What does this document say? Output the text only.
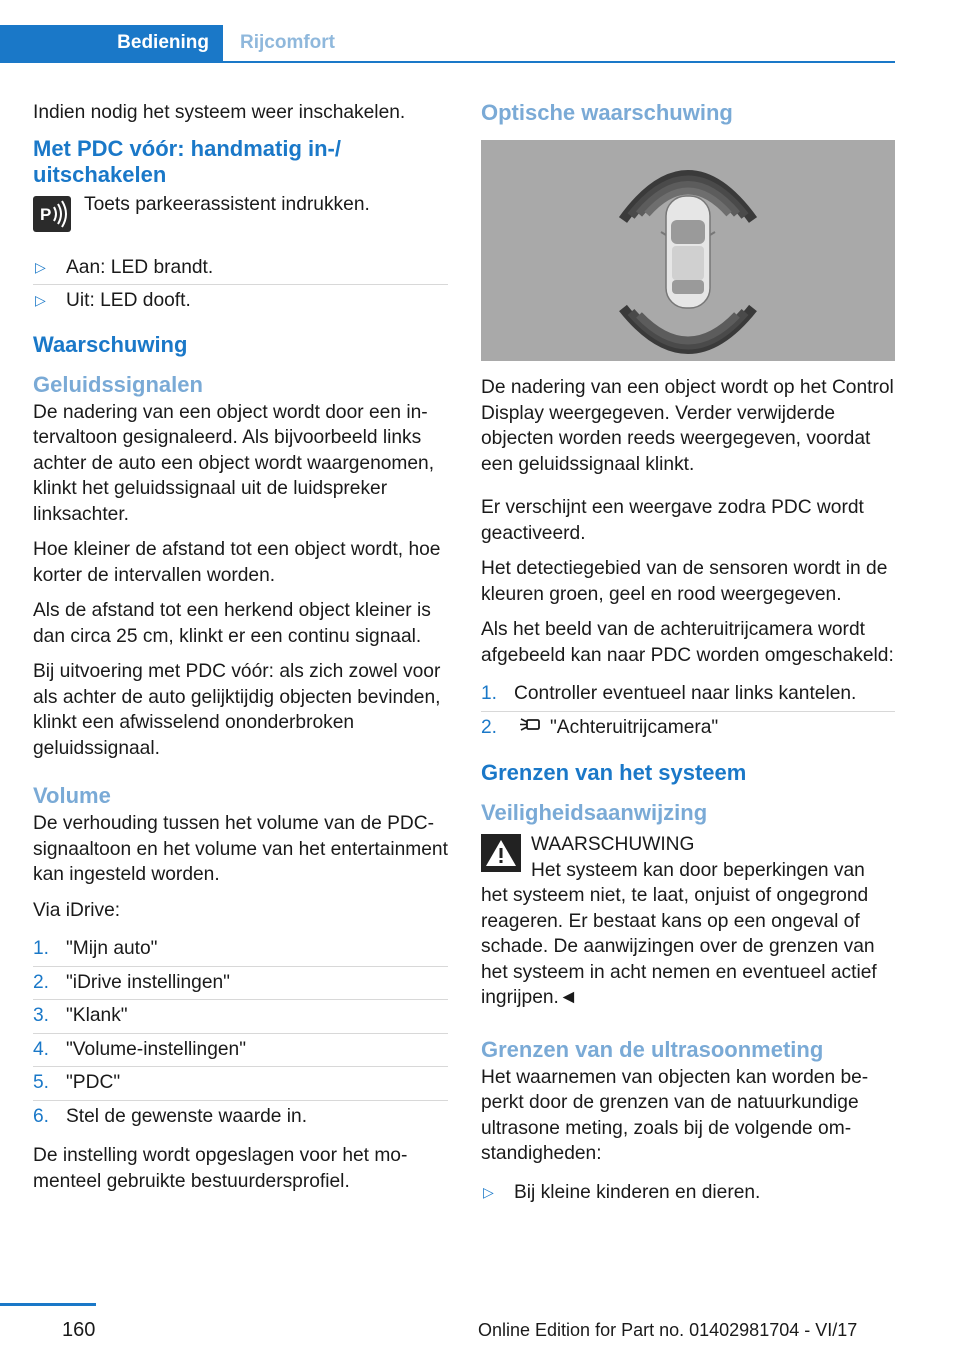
Bediening	Rijcomfort

Indien nodig het systeem weer inschakelen.

Met PDC vóór: handmatig in-/ uitschakelen
P	Toets parkeerassistent indrukken.
▷ Aan: LED brandt.
▷ Uit: LED dooft.
Waarschuwing
Geluidssignalen

De nadering van een object wordt door een intervaltoon gesignaleerd. Als bijvoorbeeld links achter de auto een object wordt waargenomen, klinkt het geluidssignaal uit de luidspreker linksachter.

Hoe kleiner de afstand tot een object wordt, hoe korter de intervallen worden.

Als de afstand tot een herkend object kleiner is dan circa 25 cm, klinkt er een continu signaal.

Bij uitvoering met PDC vóór: als zich zowel voor als achter de auto gelijktijdig objecten bevinden, klinkt een afwisselend ononderbroken geluidssignaal.

Volume

De verhouding tussen het volume van de PDC-signaaltoon en het volume van het entertainment kan ingesteld worden.

Via iDrive:

1. "Mijn auto"
2. "iDrive instellingen"
3. "Klank"
4. "Volume-instellingen"
5. "PDC"
6. Stel de gewenste waarde in.

De instelling wordt opgeslagen voor het momenteel gebruikte bestuurdersprofiel.

Optische waarschuwing

De nadering van een object wordt op het Control Display weergegeven. Verder verwijderde objecten worden reeds weergegeven, voordat een geluidssignaal klinkt.

Er verschijnt een weergave zodra PDC wordt geactiveerd.

Het detectiegebied van de sensoren wordt in de kleuren groen, geel en rood weergegeven.

Als het beeld van de achteruitrijcamera wordt afgebeeld kan naar PDC worden omgeschakeld:

1. Controller eventueel naar links kantelen.
2.	"Achteruitrijcamera"
Grenzen van het systeem
Veiligheidsaanwijzing
WAARSCHUWING
Het systeem kan door beperkingen van het systeem niet, te laat, onjuist of ongegrond reageren. Er bestaat kans op een ongeval of schade. De aanwijzingen over de grenzen van het systeem in acht nemen en eventueel actief ingrijpen.◄
Grenzen van de ultrasoonmeting

Het waarnemen van objecten kan worden beperkt door de grenzen van de natuurkundige ultrasone meting, zoals bij de volgende omstandigheden:

▷ Bij kleine kinderen en dieren.
160	Online Edition for Part no. 01402981704 - VI/17
